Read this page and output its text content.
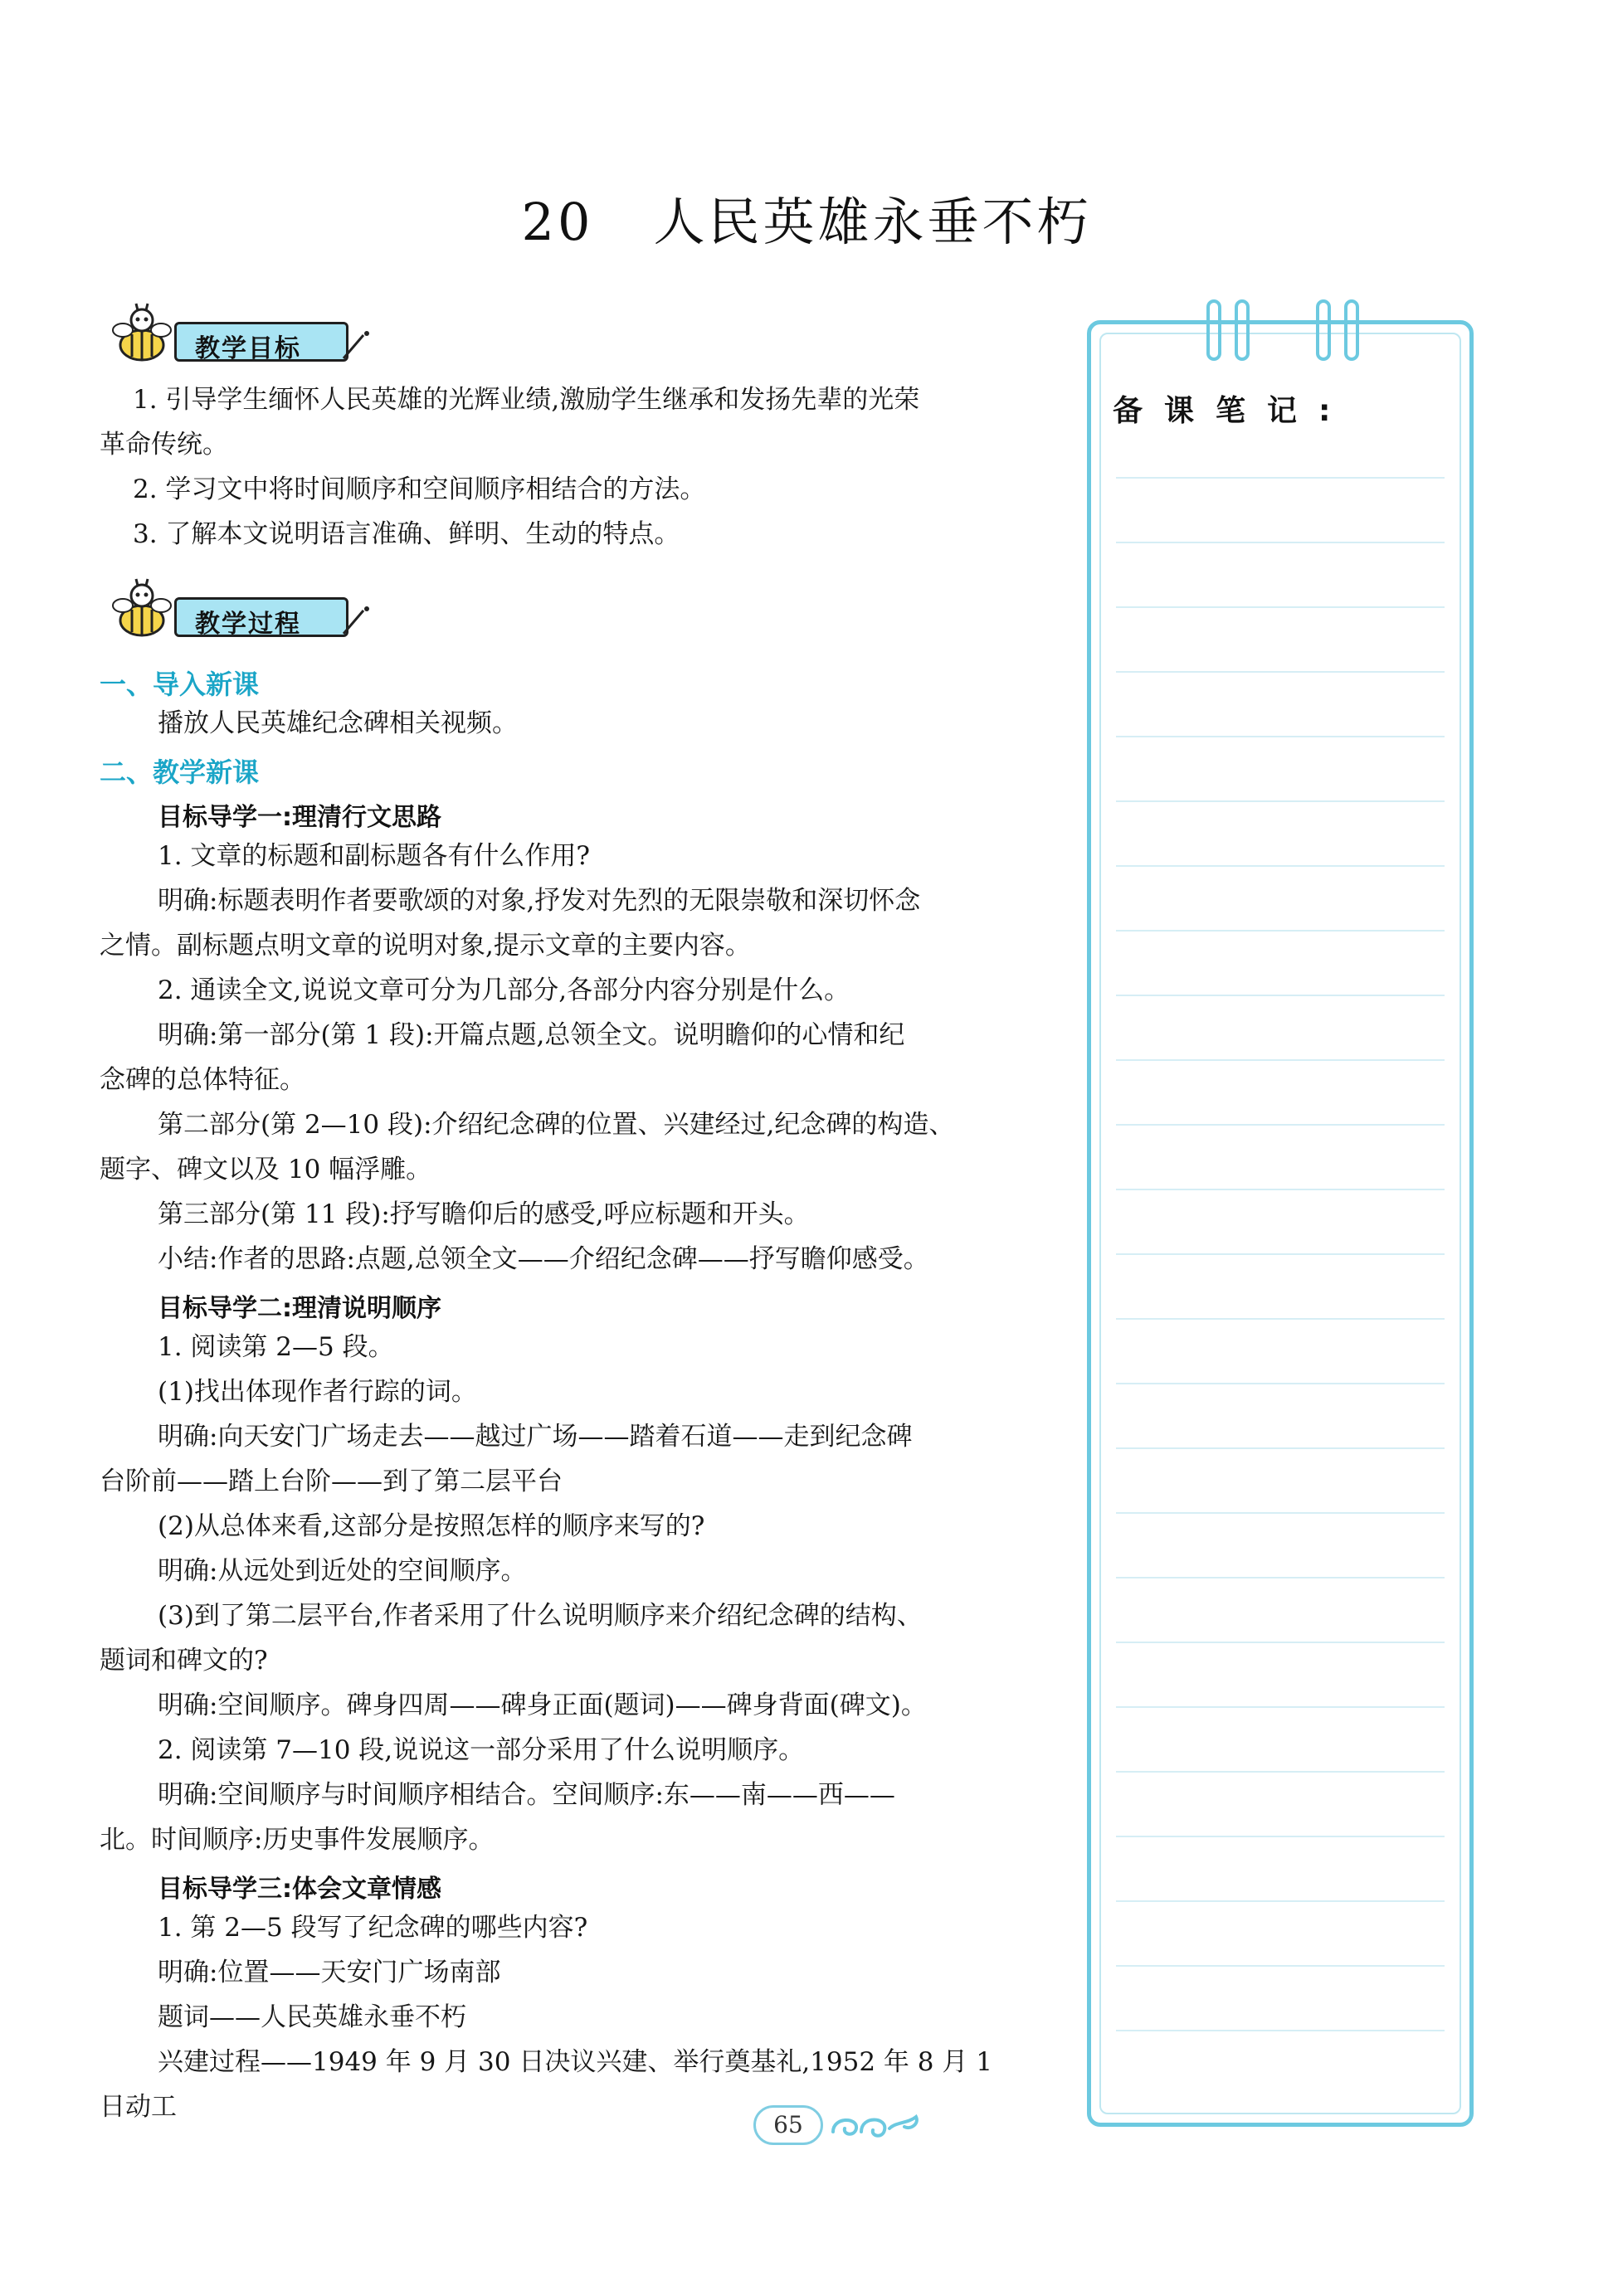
20 人民英雄永垂不朽
教学目标
1. 引导学生缅怀人民英雄的光辉业绩,激励学生继承和发扬先辈的光荣
革命传统。
2. 学习文中将时间顺序和空间顺序相结合的方法。
3. 了解本文说明语言准确、鲜明、生动的特点。
教学过程
一、导入新课
播放人民英雄纪念碑相关视频。
二、教学新课
目标导学一:理清行文思路
1. 文章的标题和副标题各有什么作用?
明确:标题表明作者要歌颂的对象,抒发对先烈的无限崇敬和深切怀念
之情。副标题点明文章的说明对象,提示文章的主要内容。
2. 通读全文,说说文章可分为几部分,各部分内容分别是什么。
明确:第一部分(第 1 段):开篇点题,总领全文。说明瞻仰的心情和纪
念碑的总体特征。
第二部分(第 2—10 段):介绍纪念碑的位置、兴建经过,纪念碑的构造、
题字、碑文以及 10 幅浮雕。
第三部分(第 11 段):抒写瞻仰后的感受,呼应标题和开头。
小结:作者的思路:点题,总领全文——介绍纪念碑——抒写瞻仰感受。
目标导学二:理清说明顺序
1. 阅读第 2—5 段。
(1)找出体现作者行踪的词。
明确:向天安门广场走去——越过广场——踏着石道——走到纪念碑
台阶前——踏上台阶——到了第二层平台
(2)从总体来看,这部分是按照怎样的顺序来写的?
明确:从远处到近处的空间顺序。
(3)到了第二层平台,作者采用了什么说明顺序来介绍纪念碑的结构、
题词和碑文的?
明确:空间顺序。碑身四周——碑身正面(题词)——碑身背面(碑文)。
2. 阅读第 7—10 段,说说这一部分采用了什么说明顺序。
明确:空间顺序与时间顺序相结合。空间顺序:东——南——西——
北。时间顺序:历史事件发展顺序。
目标导学三:体会文章情感
1. 第 2—5 段写了纪念碑的哪些内容?
明确:位置——天安门广场南部
题词——人民英雄永垂不朽
兴建过程——1949 年 9 月 30 日决议兴建、举行奠基礼,1952 年 8 月 1
日动工
备课笔记:
65
